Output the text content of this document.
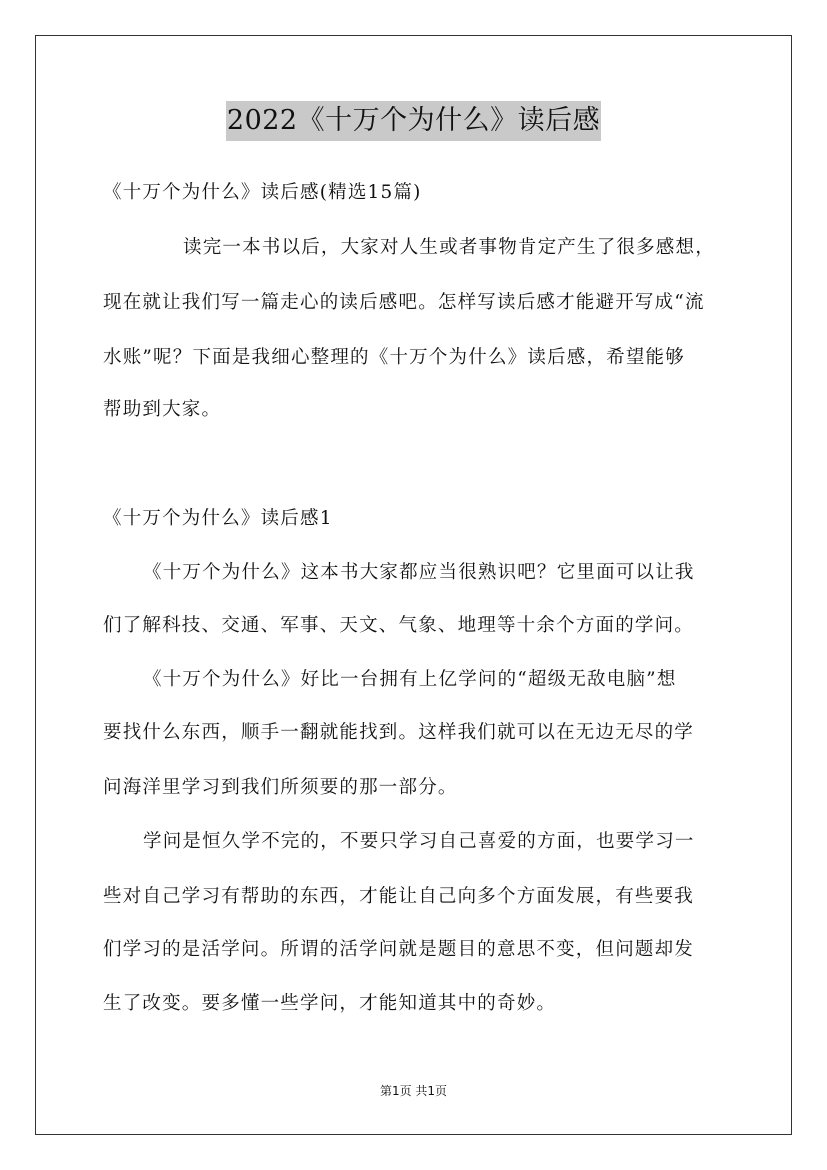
2022《十万个为什么》读后感
《十万个为什么》读后感(精选15篇)
读完一本书以后，大家对人生或者事物肯定产生了很多感想，
现在就让我们写一篇走心的读后感吧。怎样写读后感才能避开写成“流
水账”呢？下面是我细心整理的《十万个为什么》读后感，希望能够
帮助到大家。
《十万个为什么》读后感1
《十万个为什么》这本书大家都应当很熟识吧？它里面可以让我
们了解科技、交通、军事、天文、气象、地理等十余个方面的学问。
《十万个为什么》好比一台拥有上亿学问的“超级无敌电脑”想
要找什么东西，顺手一翻就能找到。这样我们就可以在无边无尽的学
问海洋里学习到我们所须要的那一部分。
学问是恒久学不完的，不要只学习自己喜爱的方面，也要学习一
些对自己学习有帮助的东西，才能让自己向多个方面发展，有些要我
们学习的是活学问。所谓的活学问就是题目的意思不变，但问题却发
生了改变。要多懂一些学问，才能知道其中的奇妙。
第1页 共1页
